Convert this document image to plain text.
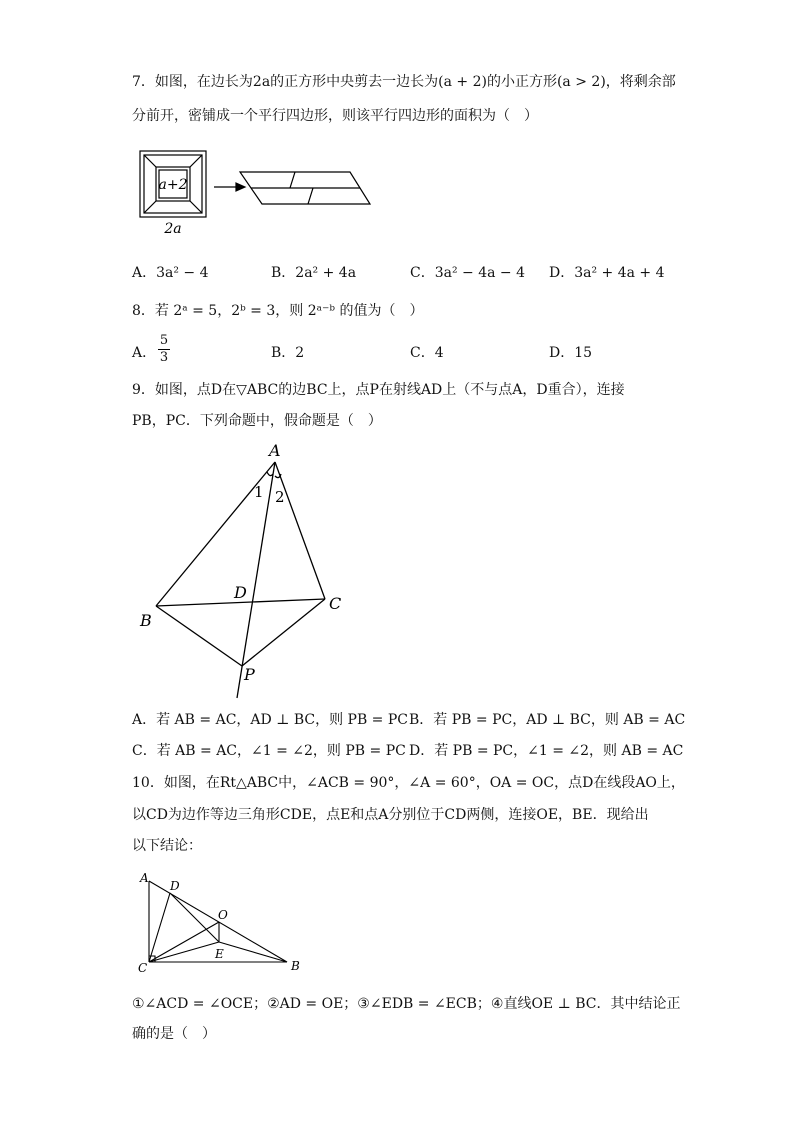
7．如图，在边长为2a的正方形中央剪去一边长为(a + 2)的小正方形(a > 2)，将剩余部
分前开，密铺成一个平行四边形，则该平行四边形的面积为（　）
a+2
2a
A．3a² − 4	B．2a² + 4a	C．3a² − 4a − 4 D．3a² + 4a + 4
8．若 2ᵃ = 5，2ᵇ = 3，则 2ᵃ⁻ᵇ 的值为（　）
A． $\frac{5}{3}$	B．2	C．4	D．15
9．如图，点D在▽ABC的边BC上，点P在射线AD上（不与点A，D重合），连接
PB，PC．下列命题中，假命题是（　）
A
1 2
D
B
C
P
A．若 AB = AC，AD ⊥ BC，则 PB = PC B．若 PB = PC，AD ⊥ BC，则 AB = AC
C．若 AB = AC，∠1 = ∠2，则 PB = PC D．若 PB = PC，∠1 = ∠2，则 AB = AC
10．如图，在Rt△ABC中，∠ACB = 90°，∠A = 60°，OA = OC，点D在线段AO上，
以CD为边作等边三角形CDE，点E和点A分别位于CD两侧，连接OE，BE．现给出
以下结论：
A
D
O
E
C	B
①∠ACD = ∠OCE；②AD = OE；③∠EDB = ∠ECB；④直线OE ⊥ BC．其中结论正
确的是（　）
